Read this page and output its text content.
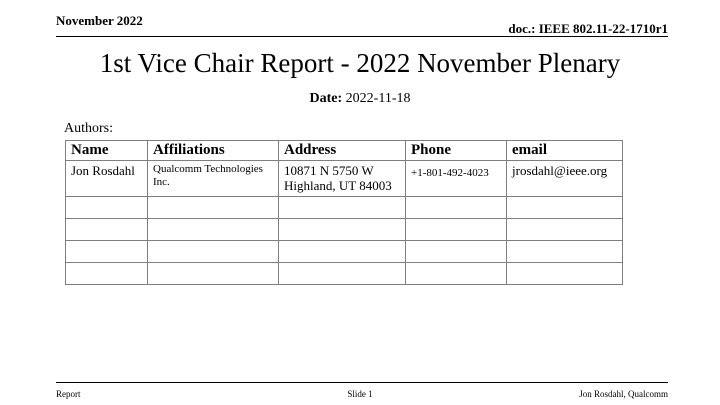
November 2022
doc.: IEEE 802.11-22-1710r1
1st Vice Chair Report - 2022 November Plenary
Date: 2022-11-18
Authors:
Name	Affiliations	Address	Phone	email
Jon Rosdahl	Qualcomm Technologies Inc.	10871 N 5750 W Highland, UT 84003	+1-801-492-4023	jrosdahl@ieee.org

Report	Slide 1	Jon Rosdahl, Qualcomm
